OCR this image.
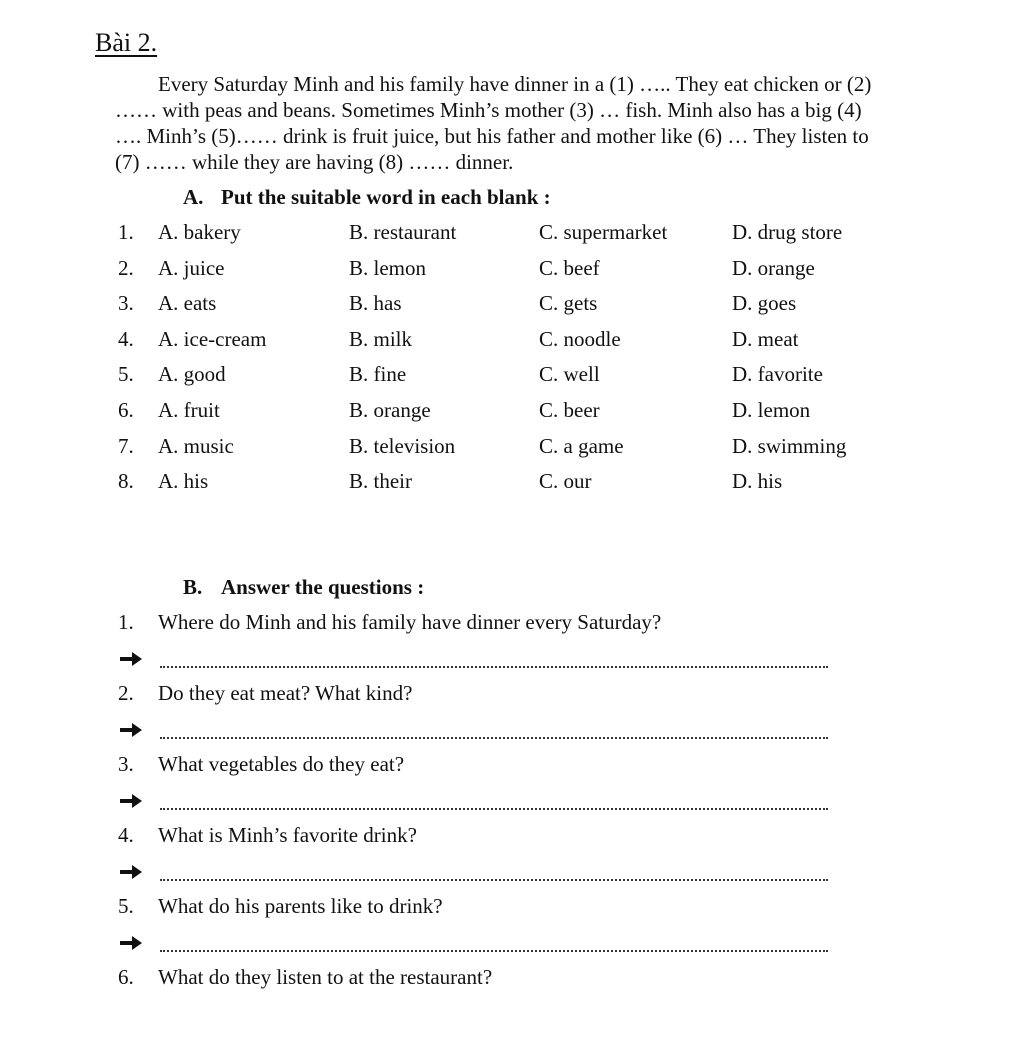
Bài 2.
Every Saturday Minh and his family have dinner in a (1) ….. They eat chicken or (2)
…… with peas and beans. Sometimes Minh’s mother (3) … fish. Minh also has a big (4)
…. Minh’s (5)…… drink is fruit juice, but his father and mother like (6) … They listen to
(7) …… while they are having (8) …… dinner.
A. Put the suitable word in each blank :
1. A. bakery	B. restaurant	C. supermarket	D. drug store
2. A. juice	B. lemon	C. beef	D. orange
3. A. eats	B. has	C. gets	D. goes
4. A. ice-cream	B. milk	C. noodle	D. meat
5. A. good	B. fine	C. well	D. favorite
6. A. fruit	B. orange	C. beer	D. lemon
7. A. music	B. television	C. a game	D. swimming
8. A. his	B. their	C. our	D. his
B. Answer the questions :
1. Where do Minh and his family have dinner every Saturday?
2. Do they eat meat? What kind?
3. What vegetables do they eat?
4. What is Minh’s favorite drink?
5. What do his parents like to drink?
6. What do they listen to at the restaurant?
